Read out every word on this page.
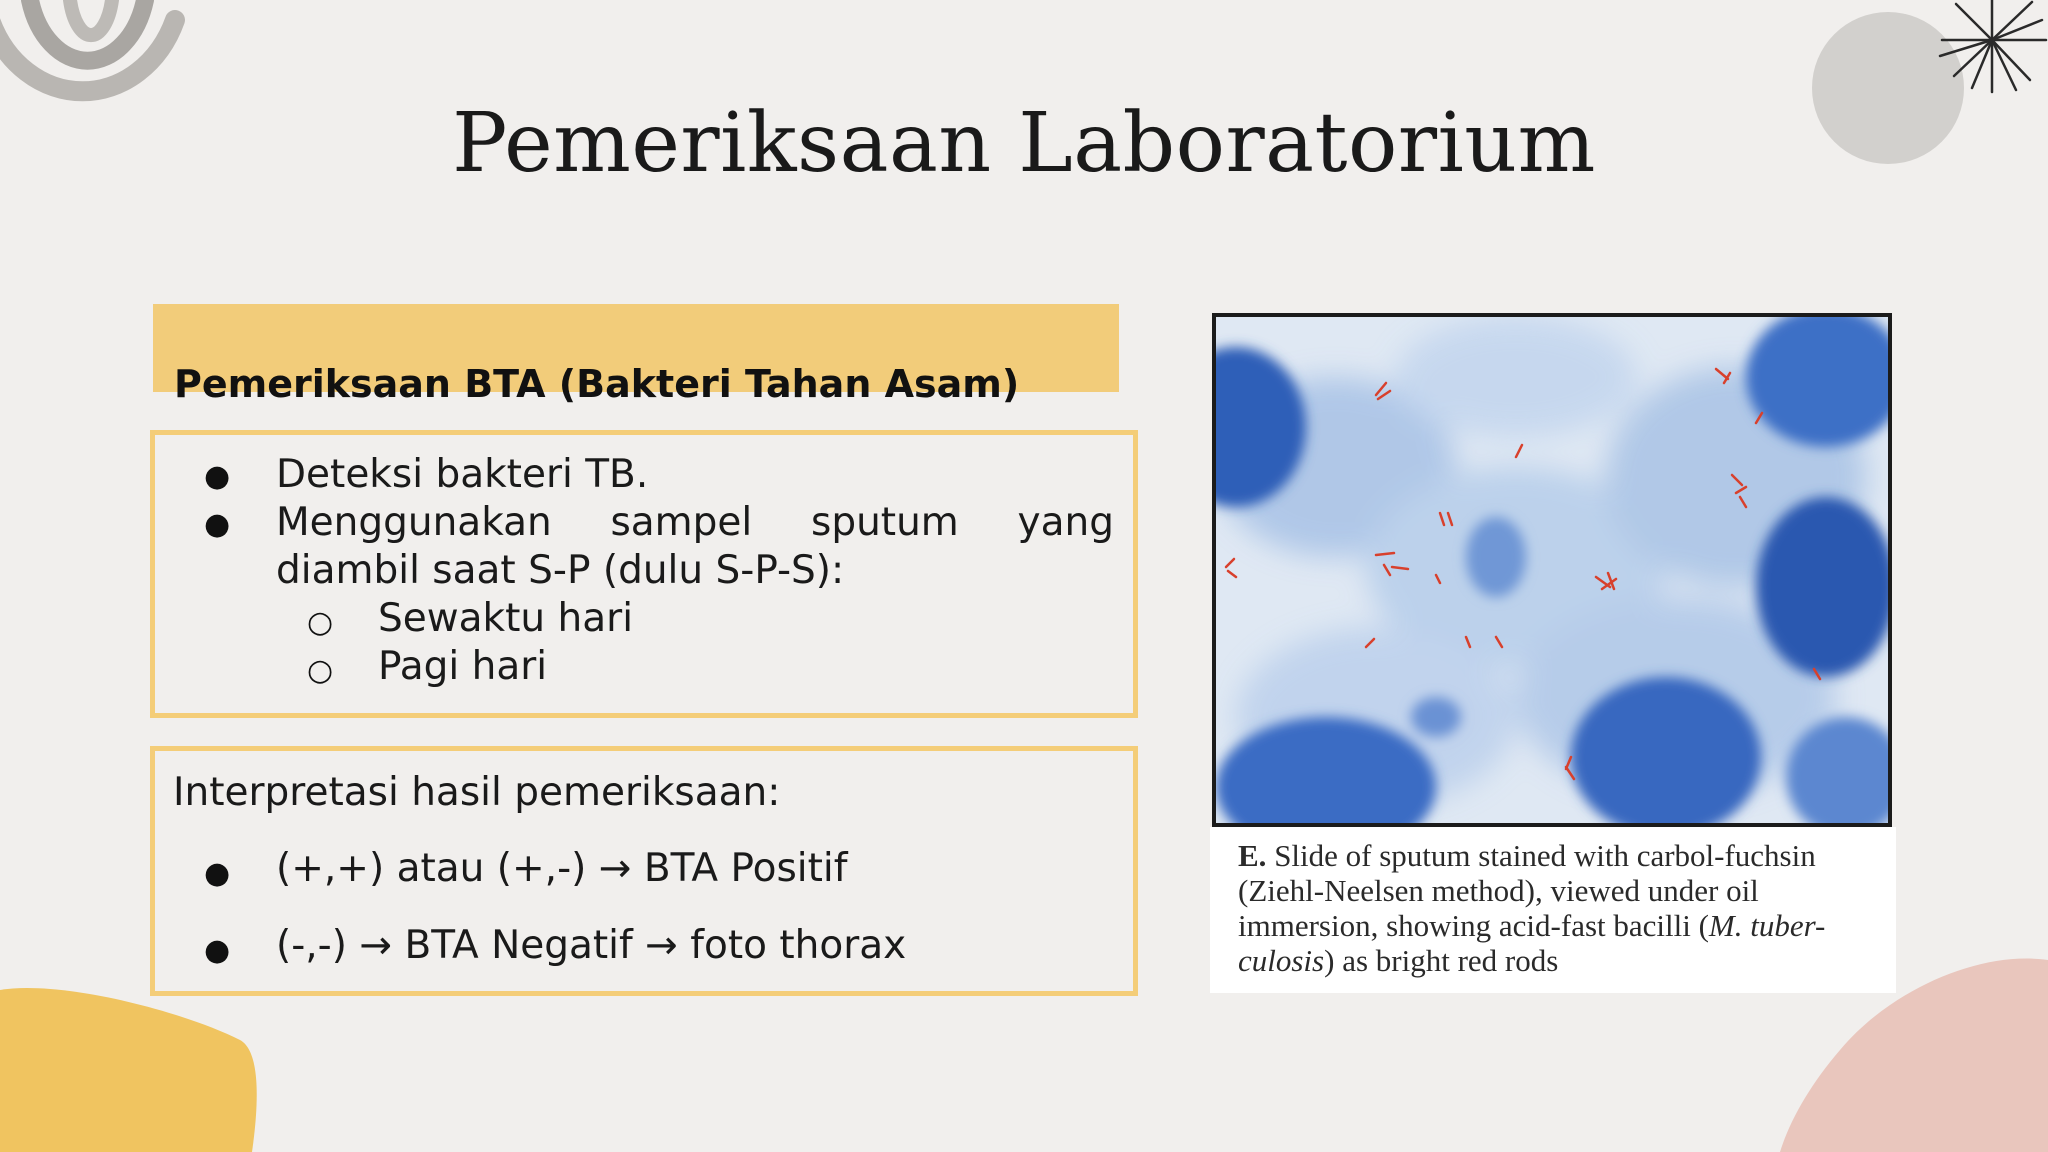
Pemeriksaan Laboratorium
Pemeriksaan BTA (Bakteri Tahan Asam)
● Deteksi bakteri TB.
● Menggunakan sampel sputum yang
diambil saat S-P (dulu S-P-S):
○ Sewaktu hari
○ Pagi hari
Interpretasi hasil pemeriksaan:
● (+,+) atau (+,-) → BTA Positif
● (-,-) → BTA Negatif → foto thorax
E. Slide of sputum stained with carbol-fuchsin
(Ziehl-Neelsen method), viewed under oil
immersion, showing acid-fast bacilli (M. tuber-
culosis) as bright red rods
